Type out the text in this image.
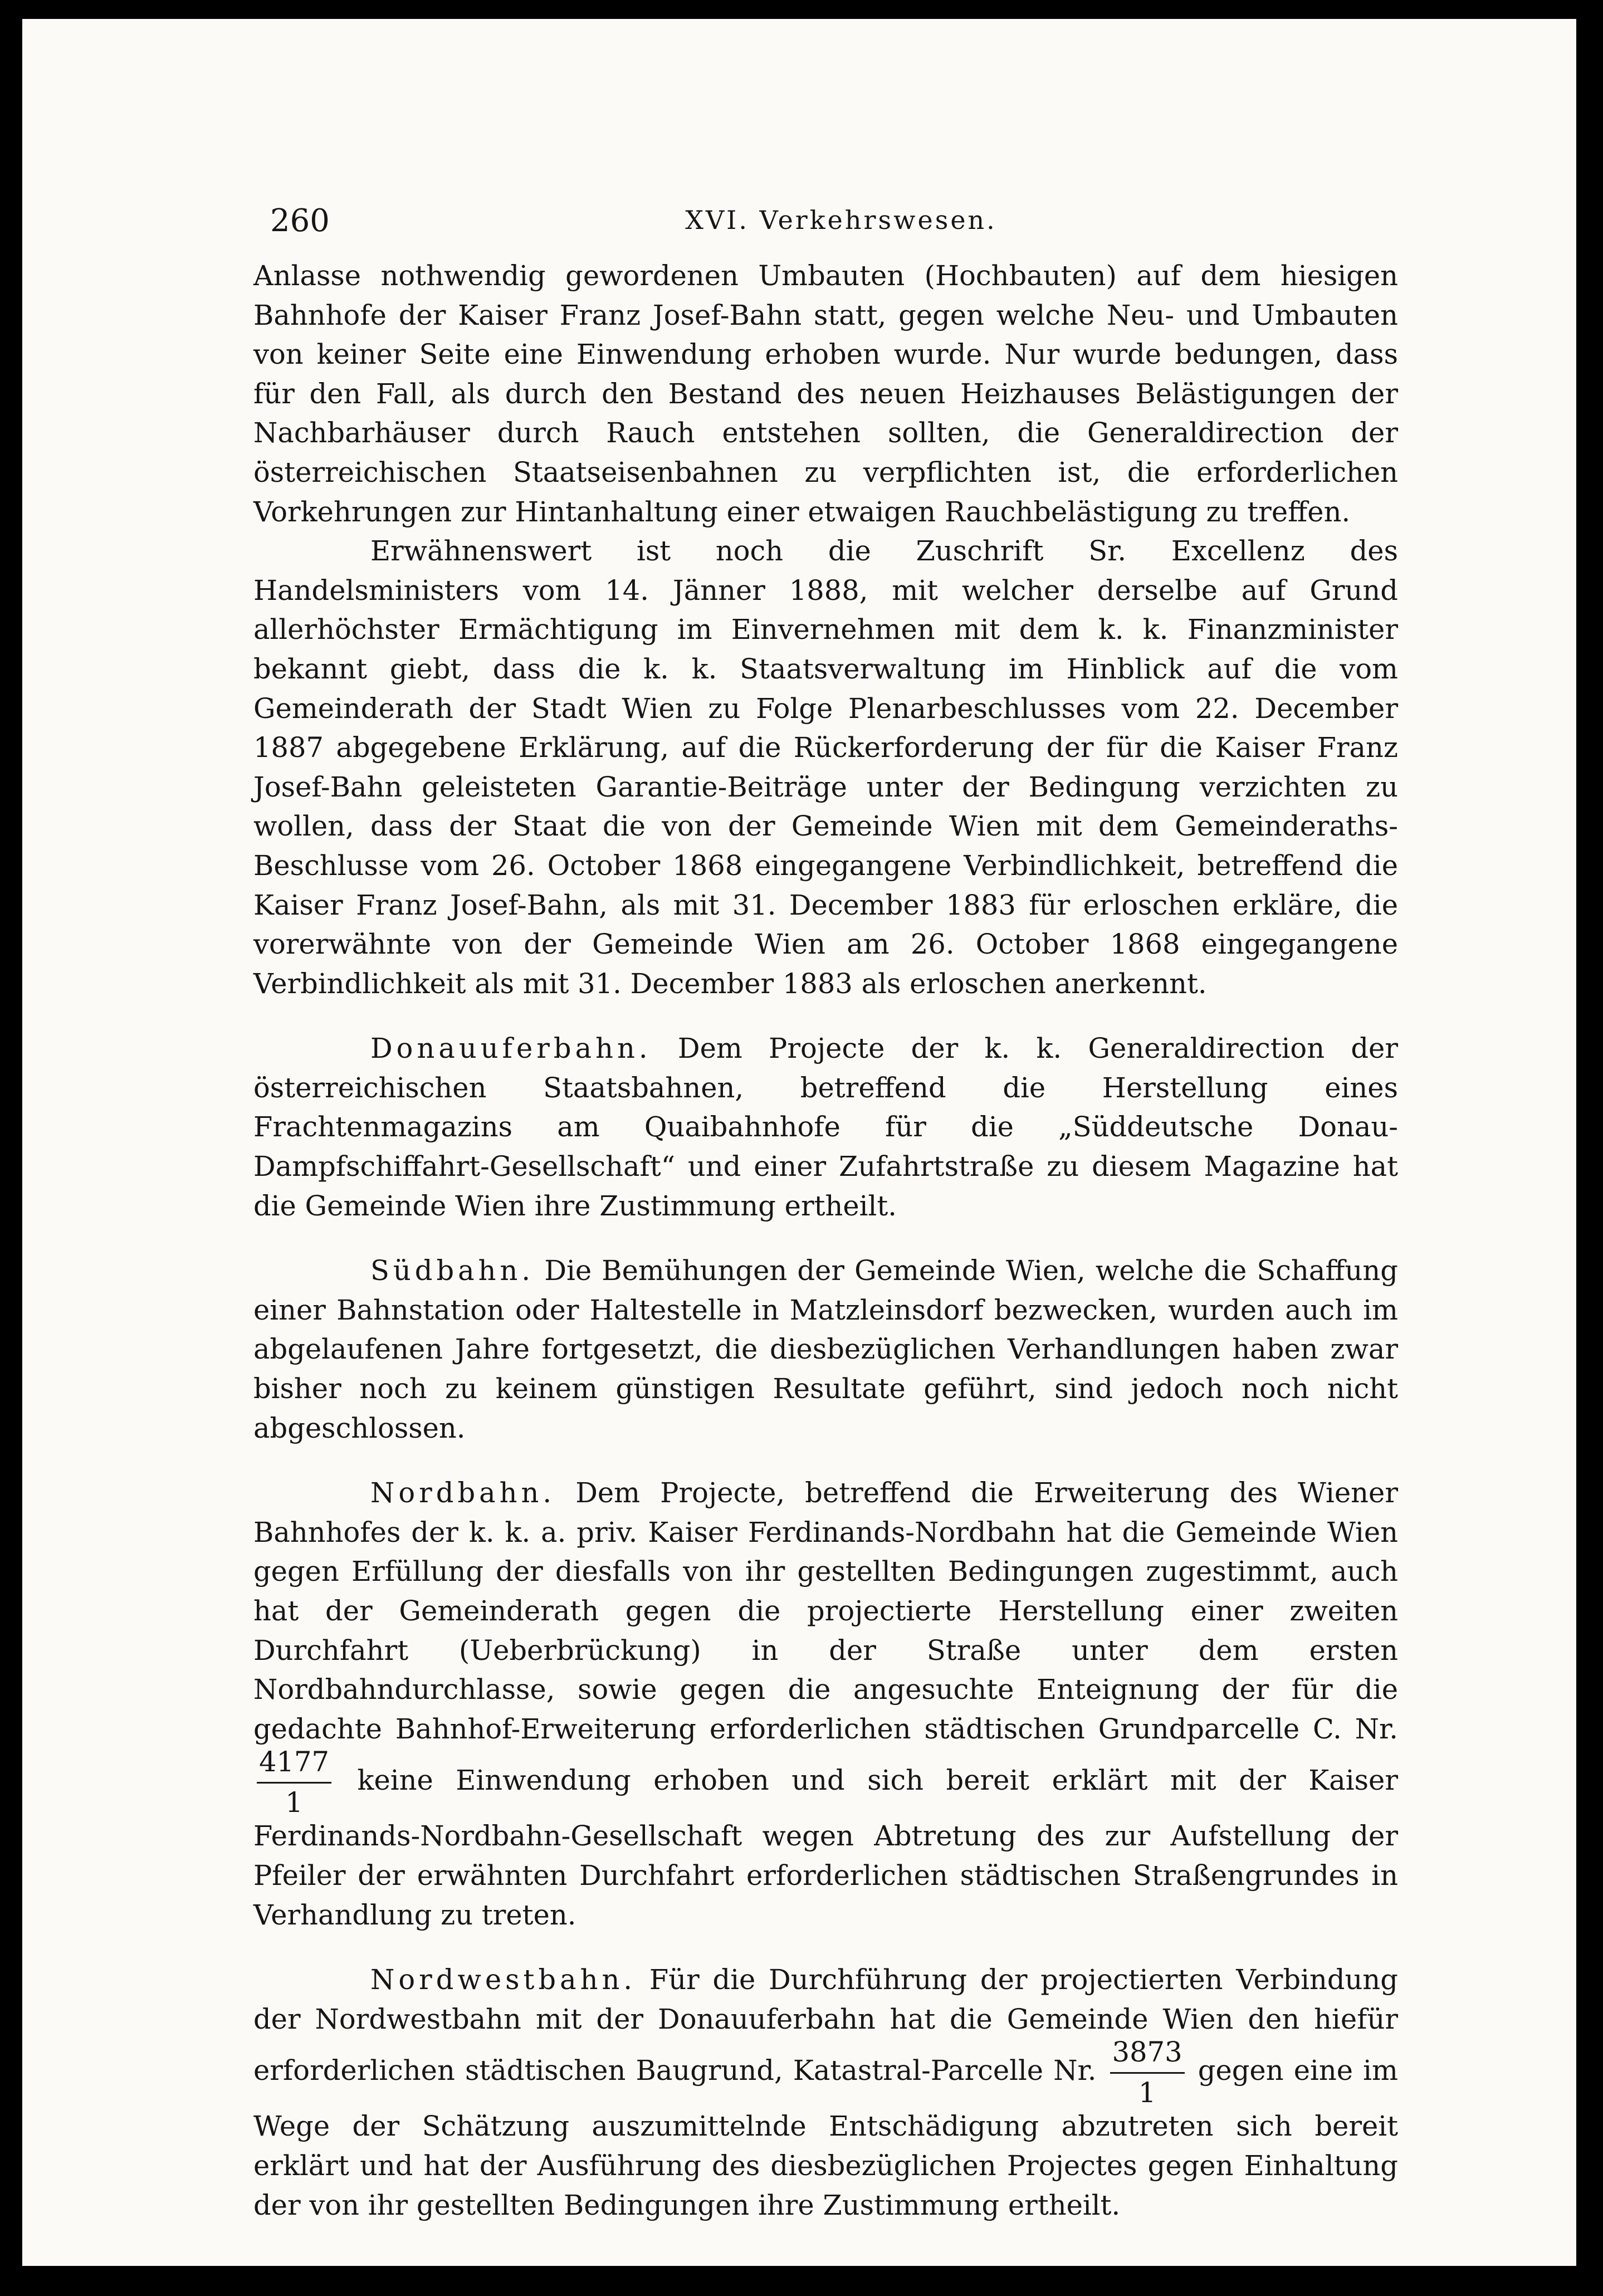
260	XVI. Verkehrswesen.

Anlasse nothwendig gewordenen Umbauten (Hochbauten) auf dem hiesigen Bahnhofe der Kaiser Franz Josef-Bahn statt, gegen welche Neu- und Umbauten von keiner Seite eine Einwendung erhoben wurde. Nur wurde bedungen, dass für den Fall, als durch den Bestand des neuen Heizhauses Belästigungen der Nachbarhäuser durch Rauch entstehen sollten, die Generaldirection der österreichischen Staatseisenbahnen zu verpflichten ist, die erforderlichen Vorkehrungen zur Hintanhaltung einer etwaigen Rauchbelästigung zu treffen.

Erwähnenswert ist noch die Zuschrift Sr. Excellenz des Handelsministers vom 14. Jänner 1888, mit welcher derselbe auf Grund allerhöchster Ermächtigung im Einvernehmen mit dem k. k. Finanzminister bekannt giebt, dass die k. k. Staatsverwaltung im Hinblick auf die vom Gemeinderath der Stadt Wien zu Folge Plenarbeschlusses vom 22. December 1887 abgegebene Erklärung, auf die Rückerforderung der für die Kaiser Franz Josef-Bahn geleisteten Garantie-Beiträge unter der Bedingung verzichten zu wollen, dass der Staat die von der Gemeinde Wien mit dem Gemeinderaths-Beschlusse vom 26. October 1868 eingegangene Verbindlichkeit, betreffend die Kaiser Franz Josef-Bahn, als mit 31. December 1883 für erloschen erkläre, die vorerwähnte von der Gemeinde Wien am 26. October 1868 eingegangene Verbindlichkeit als mit 31. December 1883 als erloschen anerkennt.

Donauuferbahn. Dem Projecte der k. k. Generaldirection der österreichischen Staatsbahnen, betreffend die Herstellung eines Frachtenmagazins am Quaibahnhofe für die „Süddeutsche Donau-Dampfschiffahrt-Gesellschaft“ und einer Zufahrtstraße zu diesem Magazine hat die Gemeinde Wien ihre Zustimmung ertheilt.

Südbahn. Die Bemühungen der Gemeinde Wien, welche die Schaffung einer Bahnstation oder Haltestelle in Matzleinsdorf bezwecken, wurden auch im abgelaufenen Jahre fortgesetzt, die diesbezüglichen Verhandlungen haben zwar bisher noch zu keinem günstigen Resultate geführt, sind jedoch noch nicht abgeschlossen.

Nordbahn. Dem Projecte, betreffend die Erweiterung des Wiener Bahnhofes der k. k. a. priv. Kaiser Ferdinands-Nordbahn hat die Gemeinde Wien gegen Erfüllung der diesfalls von ihr gestellten Bedingungen zugestimmt, auch hat der Gemeinderath gegen die projectierte Herstellung einer zweiten Durchfahrt (Ueberbrückung) in der Straße unter dem ersten Nordbahndurchlasse, sowie gegen die angesuchte Enteignung der für die gedachte Bahnhof-Erweiterung erforderlichen städtischen Grundparcelle C. Nr.
$\frac{4177}{1}$ keine Einwendung erhoben und sich bereit erklärt mit der Kaiser Ferdinands-Nordbahn-Gesellschaft wegen Abtretung des zur Aufstellung der Pfeiler der erwähnten Durchfahrt erforderlichen städtischen Straßengrundes in Verhandlung zu treten.

Nordwestbahn. Für die Durchführung der projectierten Verbindung der Nordwestbahn mit der Donauuferbahn hat die Gemeinde Wien den hiefür erforderlichen städtischen Baugrund, Katastral-Parcelle Nr. $\frac{3873}{1}$ gegen eine im Wege der Schätzung auszumittelnde Entschädigung abzutreten sich bereit erklärt und hat der Ausführung des diesbezüglichen Projectes gegen Einhaltung der von ihr gestellten Bedingungen ihre Zustimmung ertheilt.
